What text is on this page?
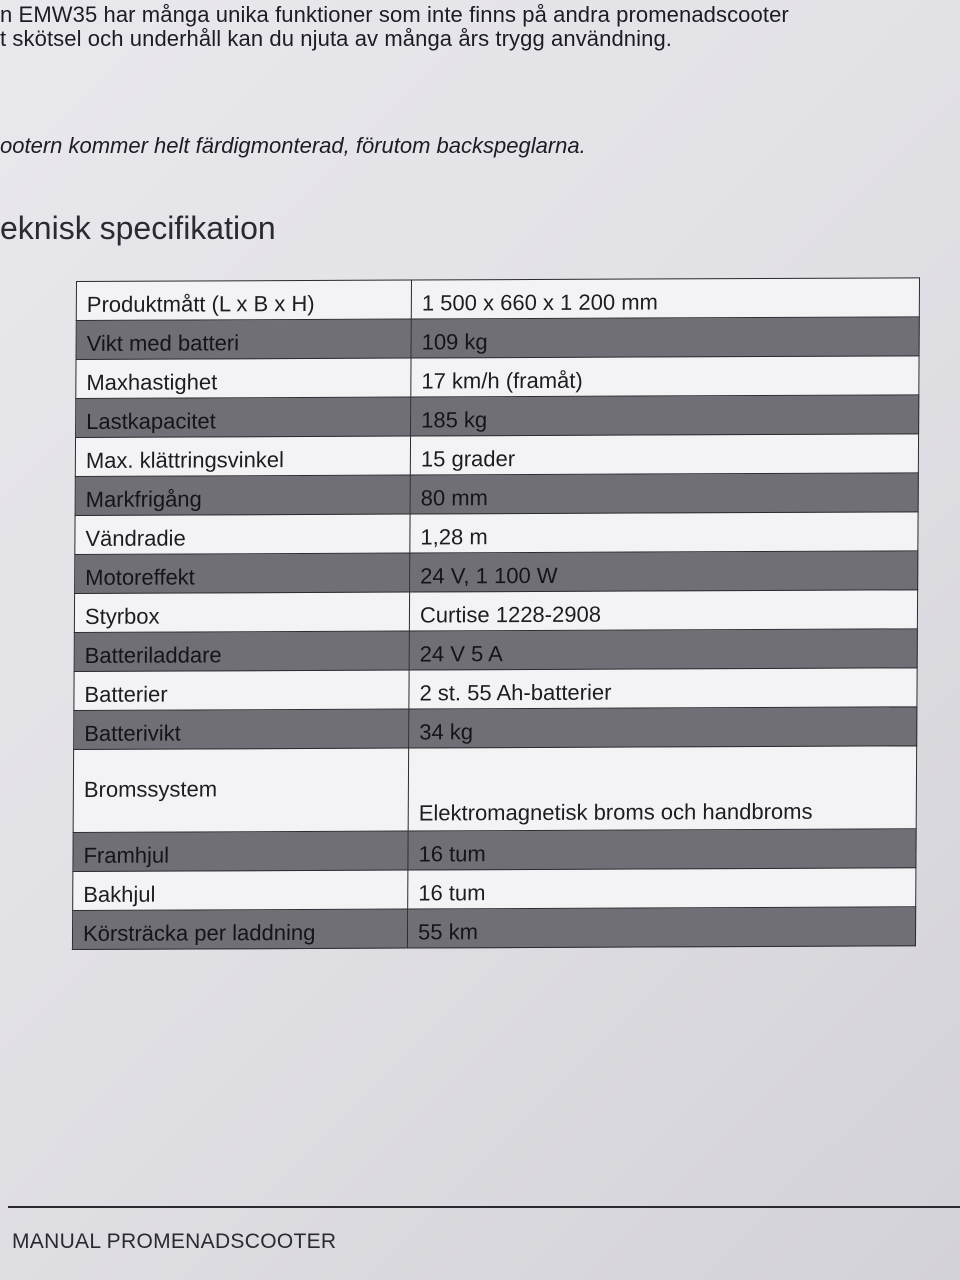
n EMW35 har många unika funktioner som inte finns på andra promenadscooter
t skötsel och underhåll kan du njuta av många års trygg användning.
ootern kommer helt färdigmonterad, förutom backspeglarna.
eknisk specifikation
Produktmått (L x B x H)	1 500 x 660 x 1 200 mm
Vikt med batteri	109 kg
Maxhastighet	17 km/h (framåt)
Lastkapacitet	185 kg
Max. klättringsvinkel	15 grader
Markfrigång	80 mm
Vändradie	1,28 m
Motoreffekt	24 V, 1 100 W
Styrbox	Curtise 1228-2908
Batteriladdare	24 V 5 A
Batterier	2 st. 55 Ah-batterier
Batterivikt	34 kg
Bromssystem	Elektromagnetisk broms och handbroms
Framhjul	16 tum
Bakhjul	16 tum
Körsträcka per laddning	55 km
MANUAL PROMENADSCOOTER
